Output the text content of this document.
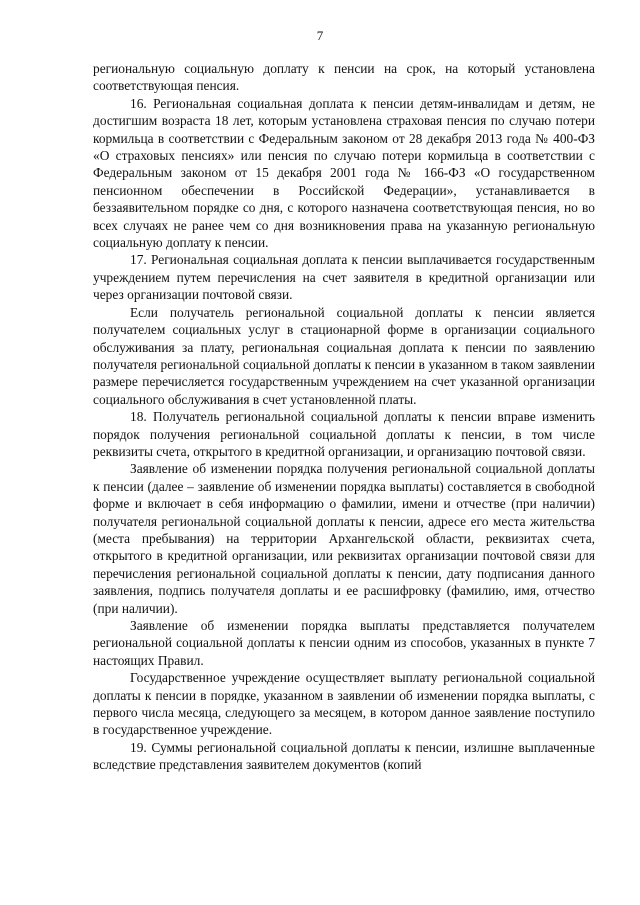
7

региональную социальную доплату к пенсии на срок, на который установлена соответствующая пенсия.

16. Региональная социальная доплата к пенсии детям-инвалидам и детям, не достигшим возраста 18 лет, которым установлена страховая пенсия по случаю потери кормильца в соответствии с Федеральным законом от 28 декабря 2013 года № 400-ФЗ «О страховых пенсиях» или пенсия по случаю потери кормильца в соответствии с Федеральным законом от 15 декабря 2001 года № 166-ФЗ «О государственном пенсионном обеспечении в Российской Федерации», устанавливается в беззаявительном порядке со дня, с которого назначена соответствующая пенсия, но во всех случаях не ранее чем со дня возникновения права на указанную региональную социальную доплату к пенсии.

17. Региональная социальная доплата к пенсии выплачивается государственным учреждением путем перечисления на счет заявителя в кредитной организации или через организации почтовой связи.

Если получатель региональной социальной доплаты к пенсии является получателем социальных услуг в стационарной форме в организации социального обслуживания за плату, региональная социальная доплата к пенсии по заявлению получателя региональной социальной доплаты к пенсии в указанном в таком заявлении размере перечисляется государственным учреждением на счет указанной организации социального обслуживания в счет установленной платы.

18. Получатель региональной социальной доплаты к пенсии вправе изменить порядок получения региональной социальной доплаты к пенсии, в том числе реквизиты счета, открытого в кредитной организации, и организацию почтовой связи.

Заявление об изменении порядка получения региональной социальной доплаты к пенсии (далее – заявление об изменении порядка выплаты) составляется в свободной форме и включает в себя информацию о фамилии, имени и отчестве (при наличии) получателя региональной социальной доплаты к пенсии, адресе его места жительства (места пребывания) на территории Архангельской области, реквизитах счета, открытого в кредитной организации, или реквизитах организации почтовой связи для перечисления региональной социальной доплаты к пенсии, дату подписания данного заявления, подпись получателя доплаты и ее расшифровку (фамилию, имя, отчество (при наличии).

Заявление об изменении порядка выплаты представляется получателем региональной социальной доплаты к пенсии одним из способов, указанных в пункте 7 настоящих Правил.

Государственное учреждение осуществляет выплату региональной социальной доплаты к пенсии в порядке, указанном в заявлении об изменении порядка выплаты, с первого числа месяца, следующего за месяцем, в котором данное заявление поступило в государственное учреждение.

19. Суммы региональной социальной доплаты к пенсии, излишне выплаченные вследствие представления заявителем документов (копий
